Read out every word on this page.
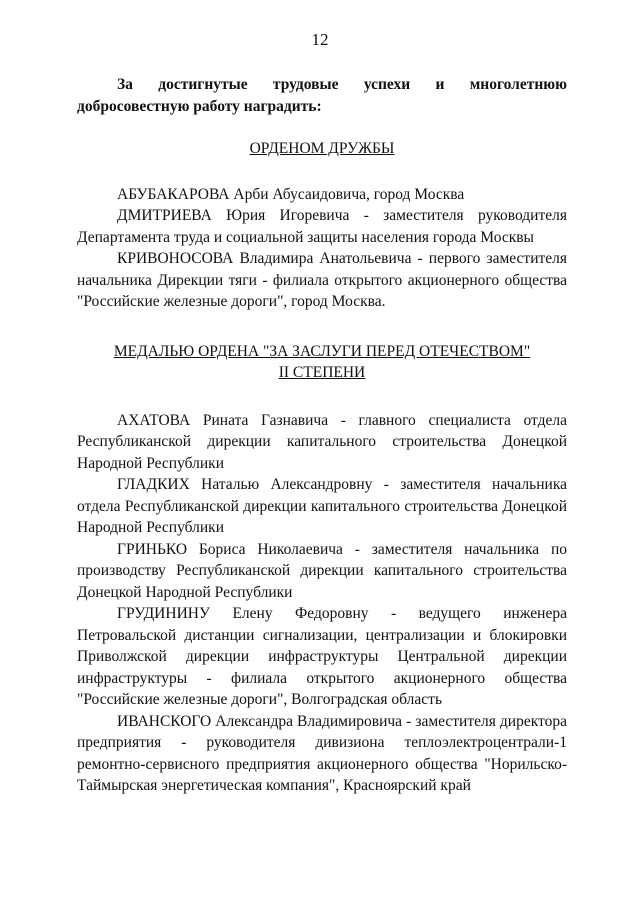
12

За достигнутые трудовые успехи и многолетнюю добросовестную работу наградить:

ОРДЕНОМ ДРУЖБЫ

АБУБАКАРОВА Арби Абусаидовича, город Москва

ДМИТРИЕВА Юрия Игоревича - заместителя руководителя Департамента труда и социальной защиты населения города Москвы

КРИВОНОСОВА Владимира Анатольевича - первого заместителя начальника Дирекции тяги - филиала открытого акционерного общества "Российские железные дороги", город Москва.

МЕДАЛЬЮ ОРДЕНА "ЗА ЗАСЛУГИ ПЕРЕД ОТЕЧЕСТВОМ"
II СТЕПЕНИ

АХАТОВА Рината Газнавича - главного специалиста отдела Республиканской дирекции капитального строительства Донецкой Народной Республики

ГЛАДКИХ Наталью Александровну - заместителя начальника отдела Республиканской дирекции капитального строительства Донецкой Народной Республики

ГРИНЬКО Бориса Николаевича - заместителя начальника по производству Республиканской дирекции капитального строительства Донецкой Народной Республики

ГРУДИНИНУ Елену Федоровну - ведущего инженера Петровальской дистанции сигнализации, централизации и блокировки Приволжской дирекции инфраструктуры Центральной дирекции инфраструктуры - филиала открытого акционерного общества "Российские железные дороги", Волгоградская область

ИВАНСКОГО Александра Владимировича - заместителя директора предприятия - руководителя дивизиона теплоэлектроцентрали-1 ремонтно-сервисного предприятия акционерного общества "Норильско-Таймырская энергетическая компания", Красноярский край
